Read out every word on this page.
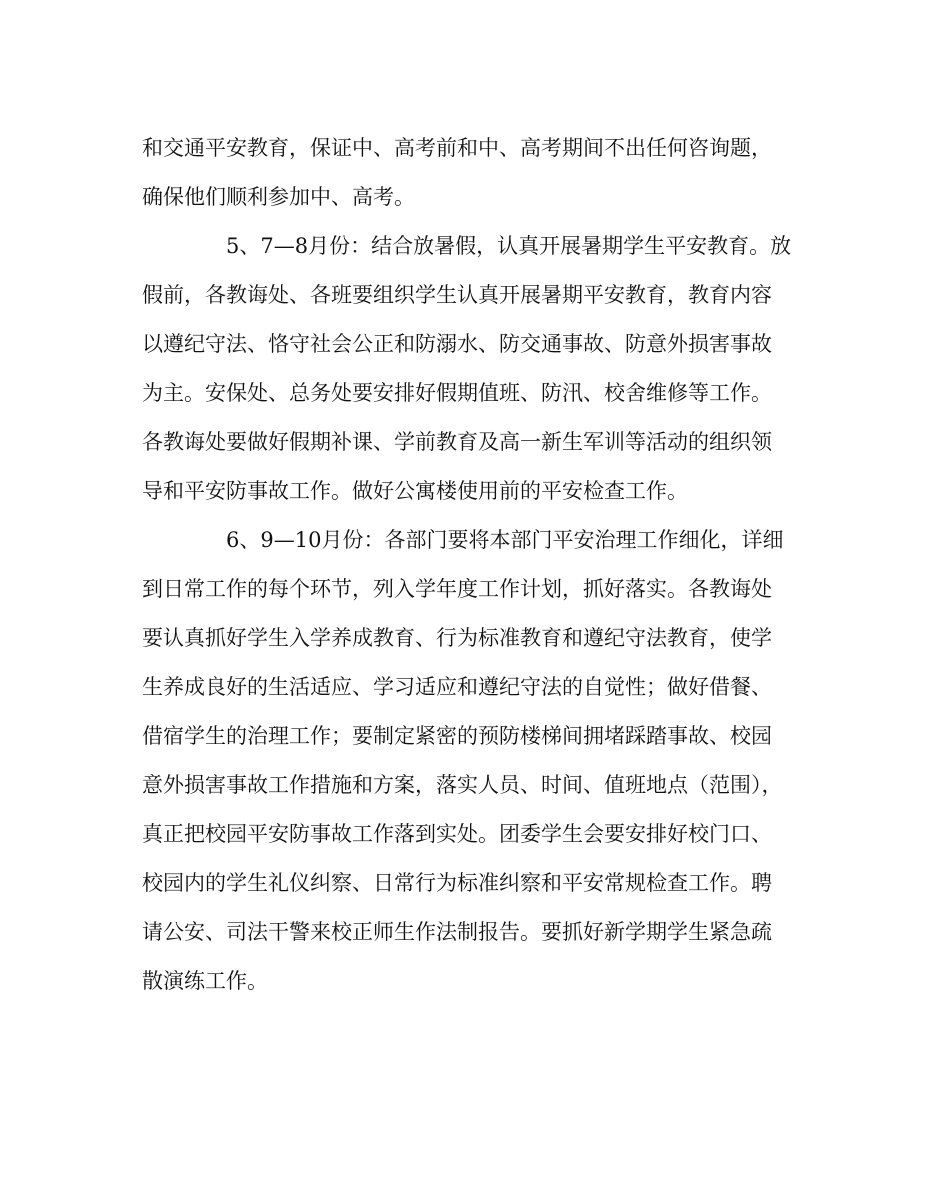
和交通平安教育，保证中、高考前和中、高考期间不出任何咨询题，
确保他们顺利参加中、高考。
5、7—8月份：结合放暑假，认真开展暑期学生平安教育。放
假前，各教诲处、各班要组织学生认真开展暑期平安教育，教育内容
以遵纪守法、恪守社会公正和防溺水、防交通事故、防意外损害事故
为主。安保处、总务处要安排好假期值班、防汛、校舍维修等工作。
各教诲处要做好假期补课、学前教育及高一新生军训等活动的组织领
导和平安防事故工作。做好公寓楼使用前的平安检查工作。
6、9—10月份：各部门要将本部门平安治理工作细化，详细
到日常工作的每个环节，列入学年度工作计划，抓好落实。各教诲处
要认真抓好学生入学养成教育、行为标准教育和遵纪守法教育，使学
生养成良好的生活适应、学习适应和遵纪守法的自觉性；做好借餐、
借宿学生的治理工作；要制定紧密的预防楼梯间拥堵踩踏事故、校园
意外损害事故工作措施和方案，落实人员、时间、值班地点（范围），
真正把校园平安防事故工作落到实处。团委学生会要安排好校门口、
校园内的学生礼仪纠察、日常行为标准纠察和平安常规检查工作。聘
请公安、司法干警来校正师生作法制报告。要抓好新学期学生紧急疏
散演练工作。
